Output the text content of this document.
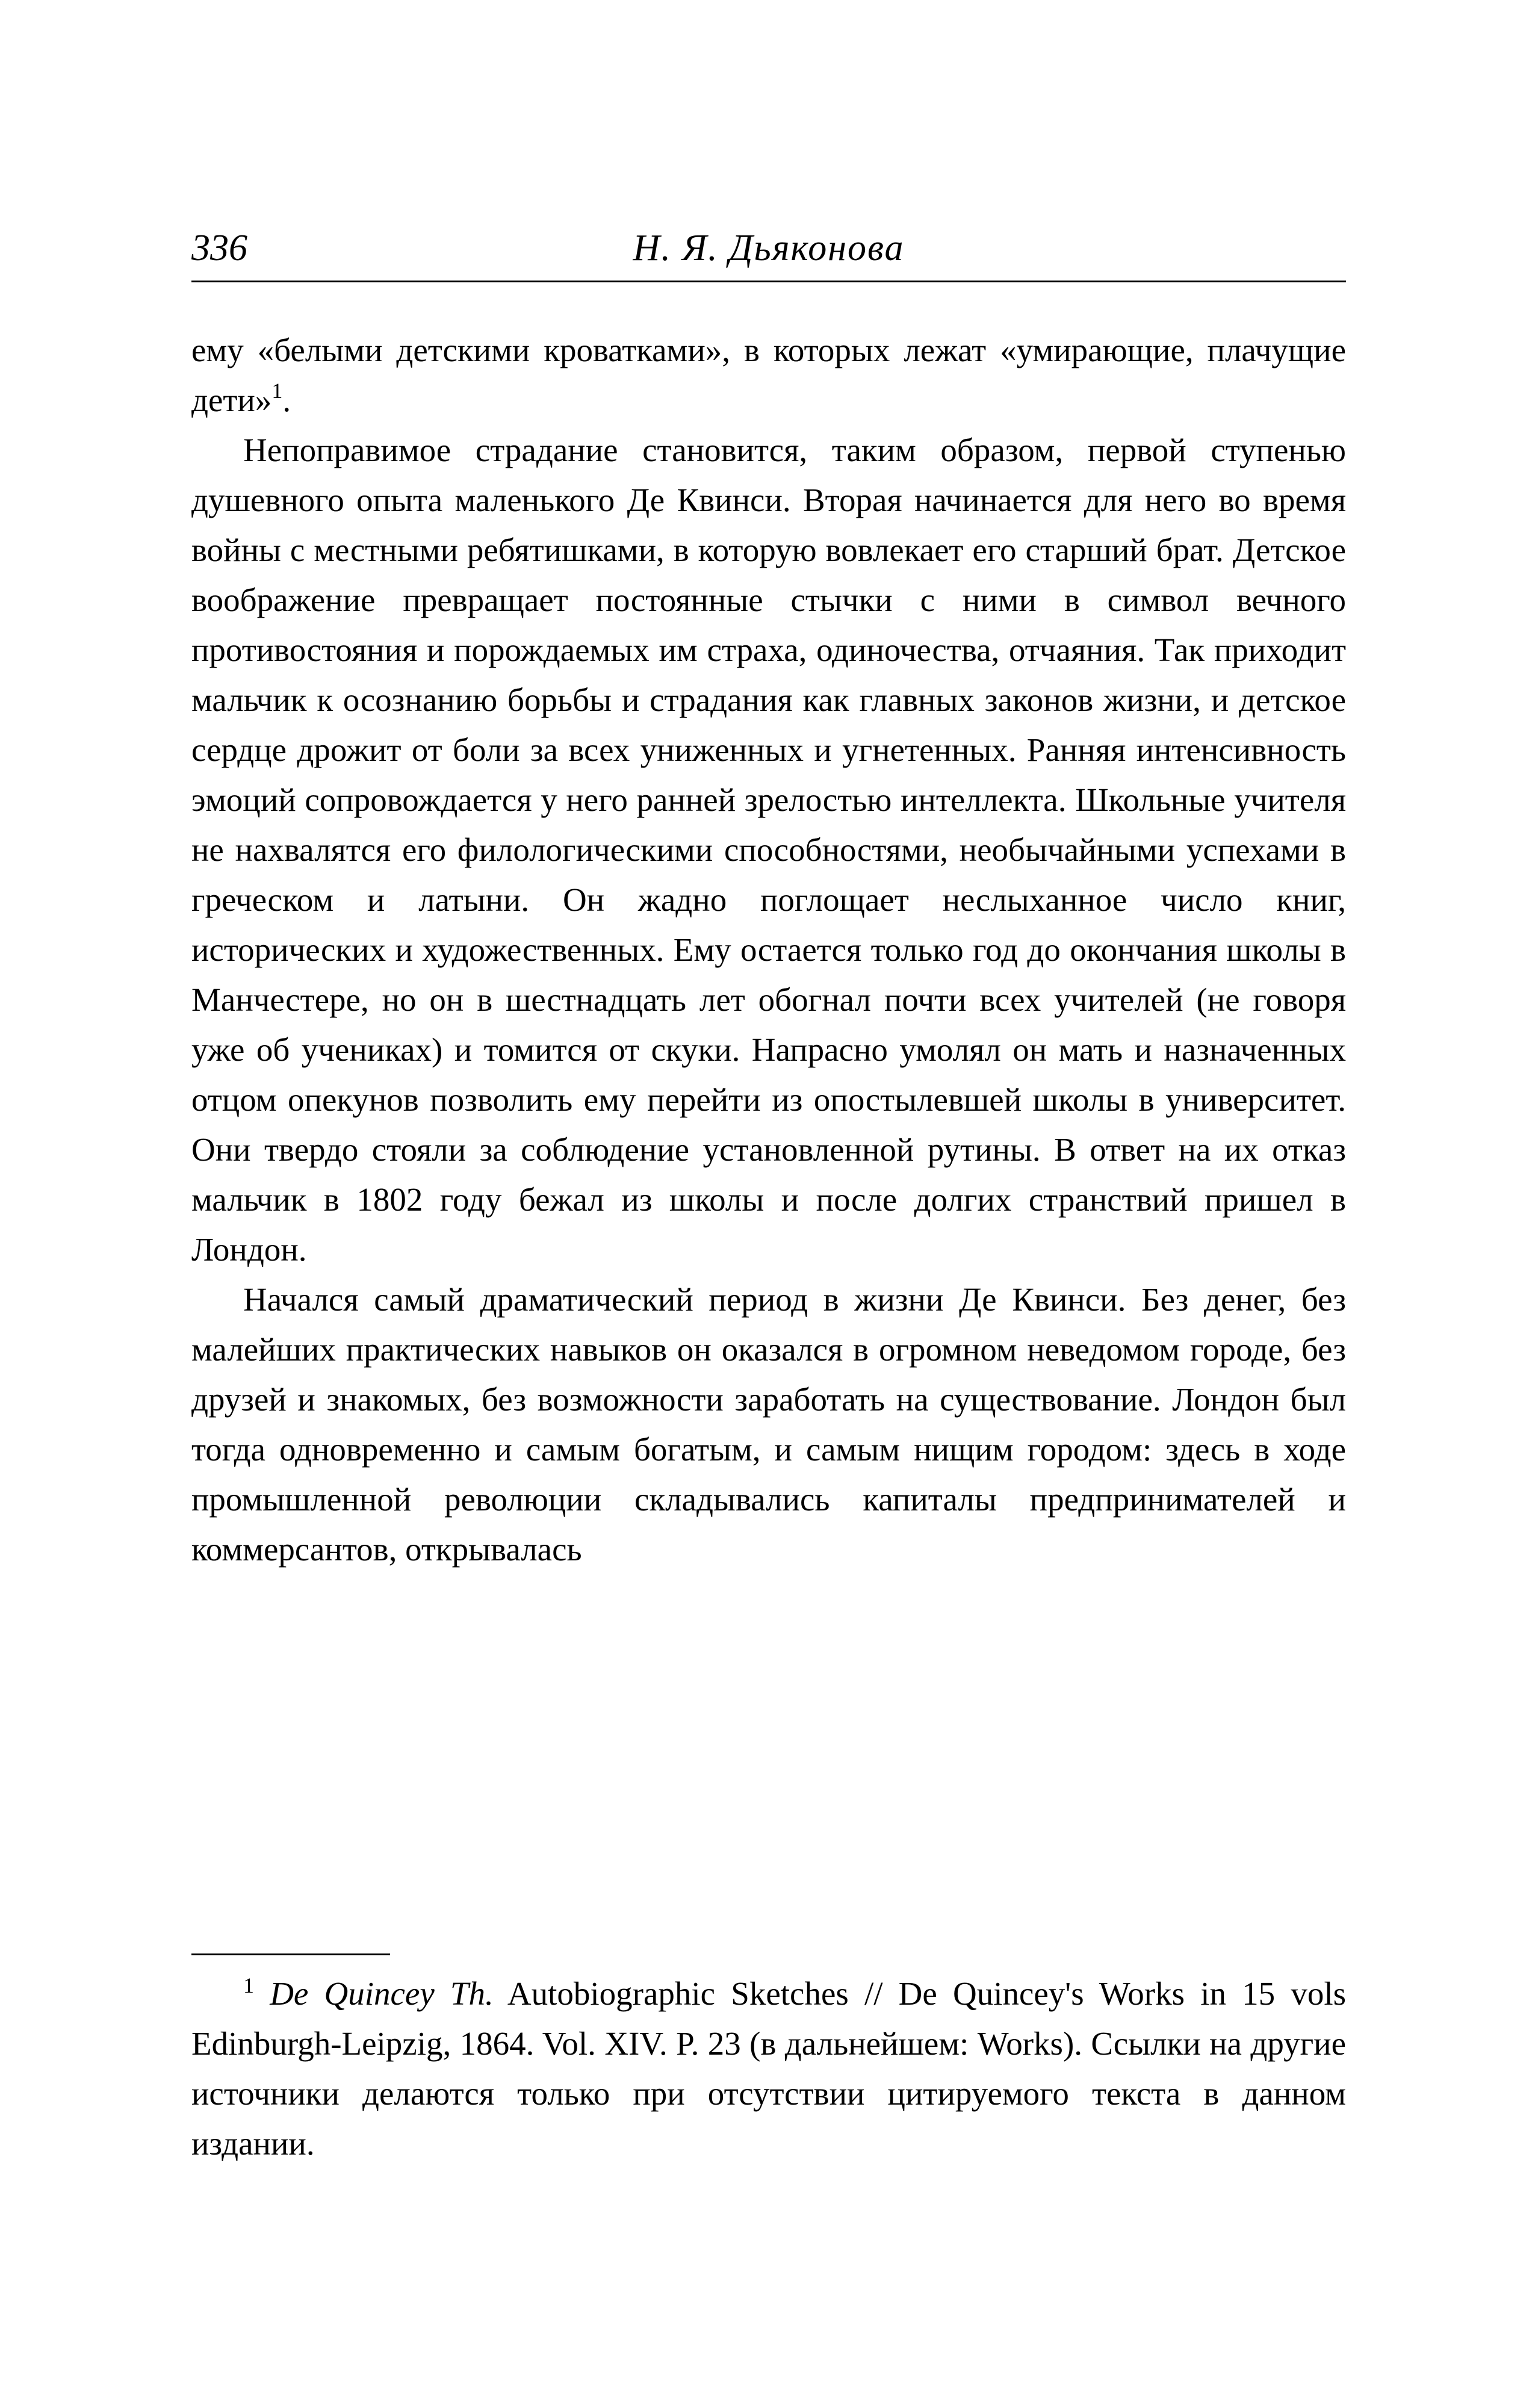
336	Н. Я. Дьяконова

ему «белыми детскими кроватками», в которых лежат «умирающие, плачущие дети»$^1$.

Непоправимое страдание становится, таким образом, первой ступенью душевного опыта маленького Де Квинси. Вторая начинается для него во время войны с местными ребятишками, в которую вовлекает его старший брат. Детское воображение превращает постоянные стычки с ними в символ вечного противостояния и порождаемых им страха, одиночества, отчаяния. Так приходит мальчик к осознанию борьбы и страдания как главных законов жизни, и детское сердце дрожит от боли за всех униженных и угнетенных. Ранняя интенсивность эмоций сопровождается у него ранней зрелостью интеллекта. Школьные учителя не нахвалятся его филологическими способностями, необычайными успехами в греческом и латыни. Он жадно поглощает неслыханное число книг, исторических и художественных. Ему остается только год до окончания школы в Манчестере, но он в шестнадцать лет обогнал почти всех учителей (не говоря уже об учениках) и томится от скуки. Напрасно умолял он мать и назначенных отцом опекунов позволить ему перейти из опостылевшей школы в университет. Они твердо стояли за соблюдение установленной рутины. В ответ на их отказ мальчик в 1802 году бежал из школы и после долгих странствий пришел в Лондон.

Начался самый драматический период в жизни Де Квинси. Без денег, без малейших практических навыков он оказался в огромном неведомом городе, без друзей и знакомых, без возможности заработать на существование. Лондон был тогда одновременно и самым богатым, и самым нищим городом: здесь в ходе промышленной революции складывались капиталы предпринимателей и коммерсантов, открывалась

$^1$ De Quincey Th. Autobiographic Sketches // De Quincey's Works in 15 vols Edinburgh-Leipzig, 1864. Vol. XIV. P. 23 (в дальнейшем: Works). Ссылки на другие источники делаются только при отсутствии цитируемого текста в данном издании.
